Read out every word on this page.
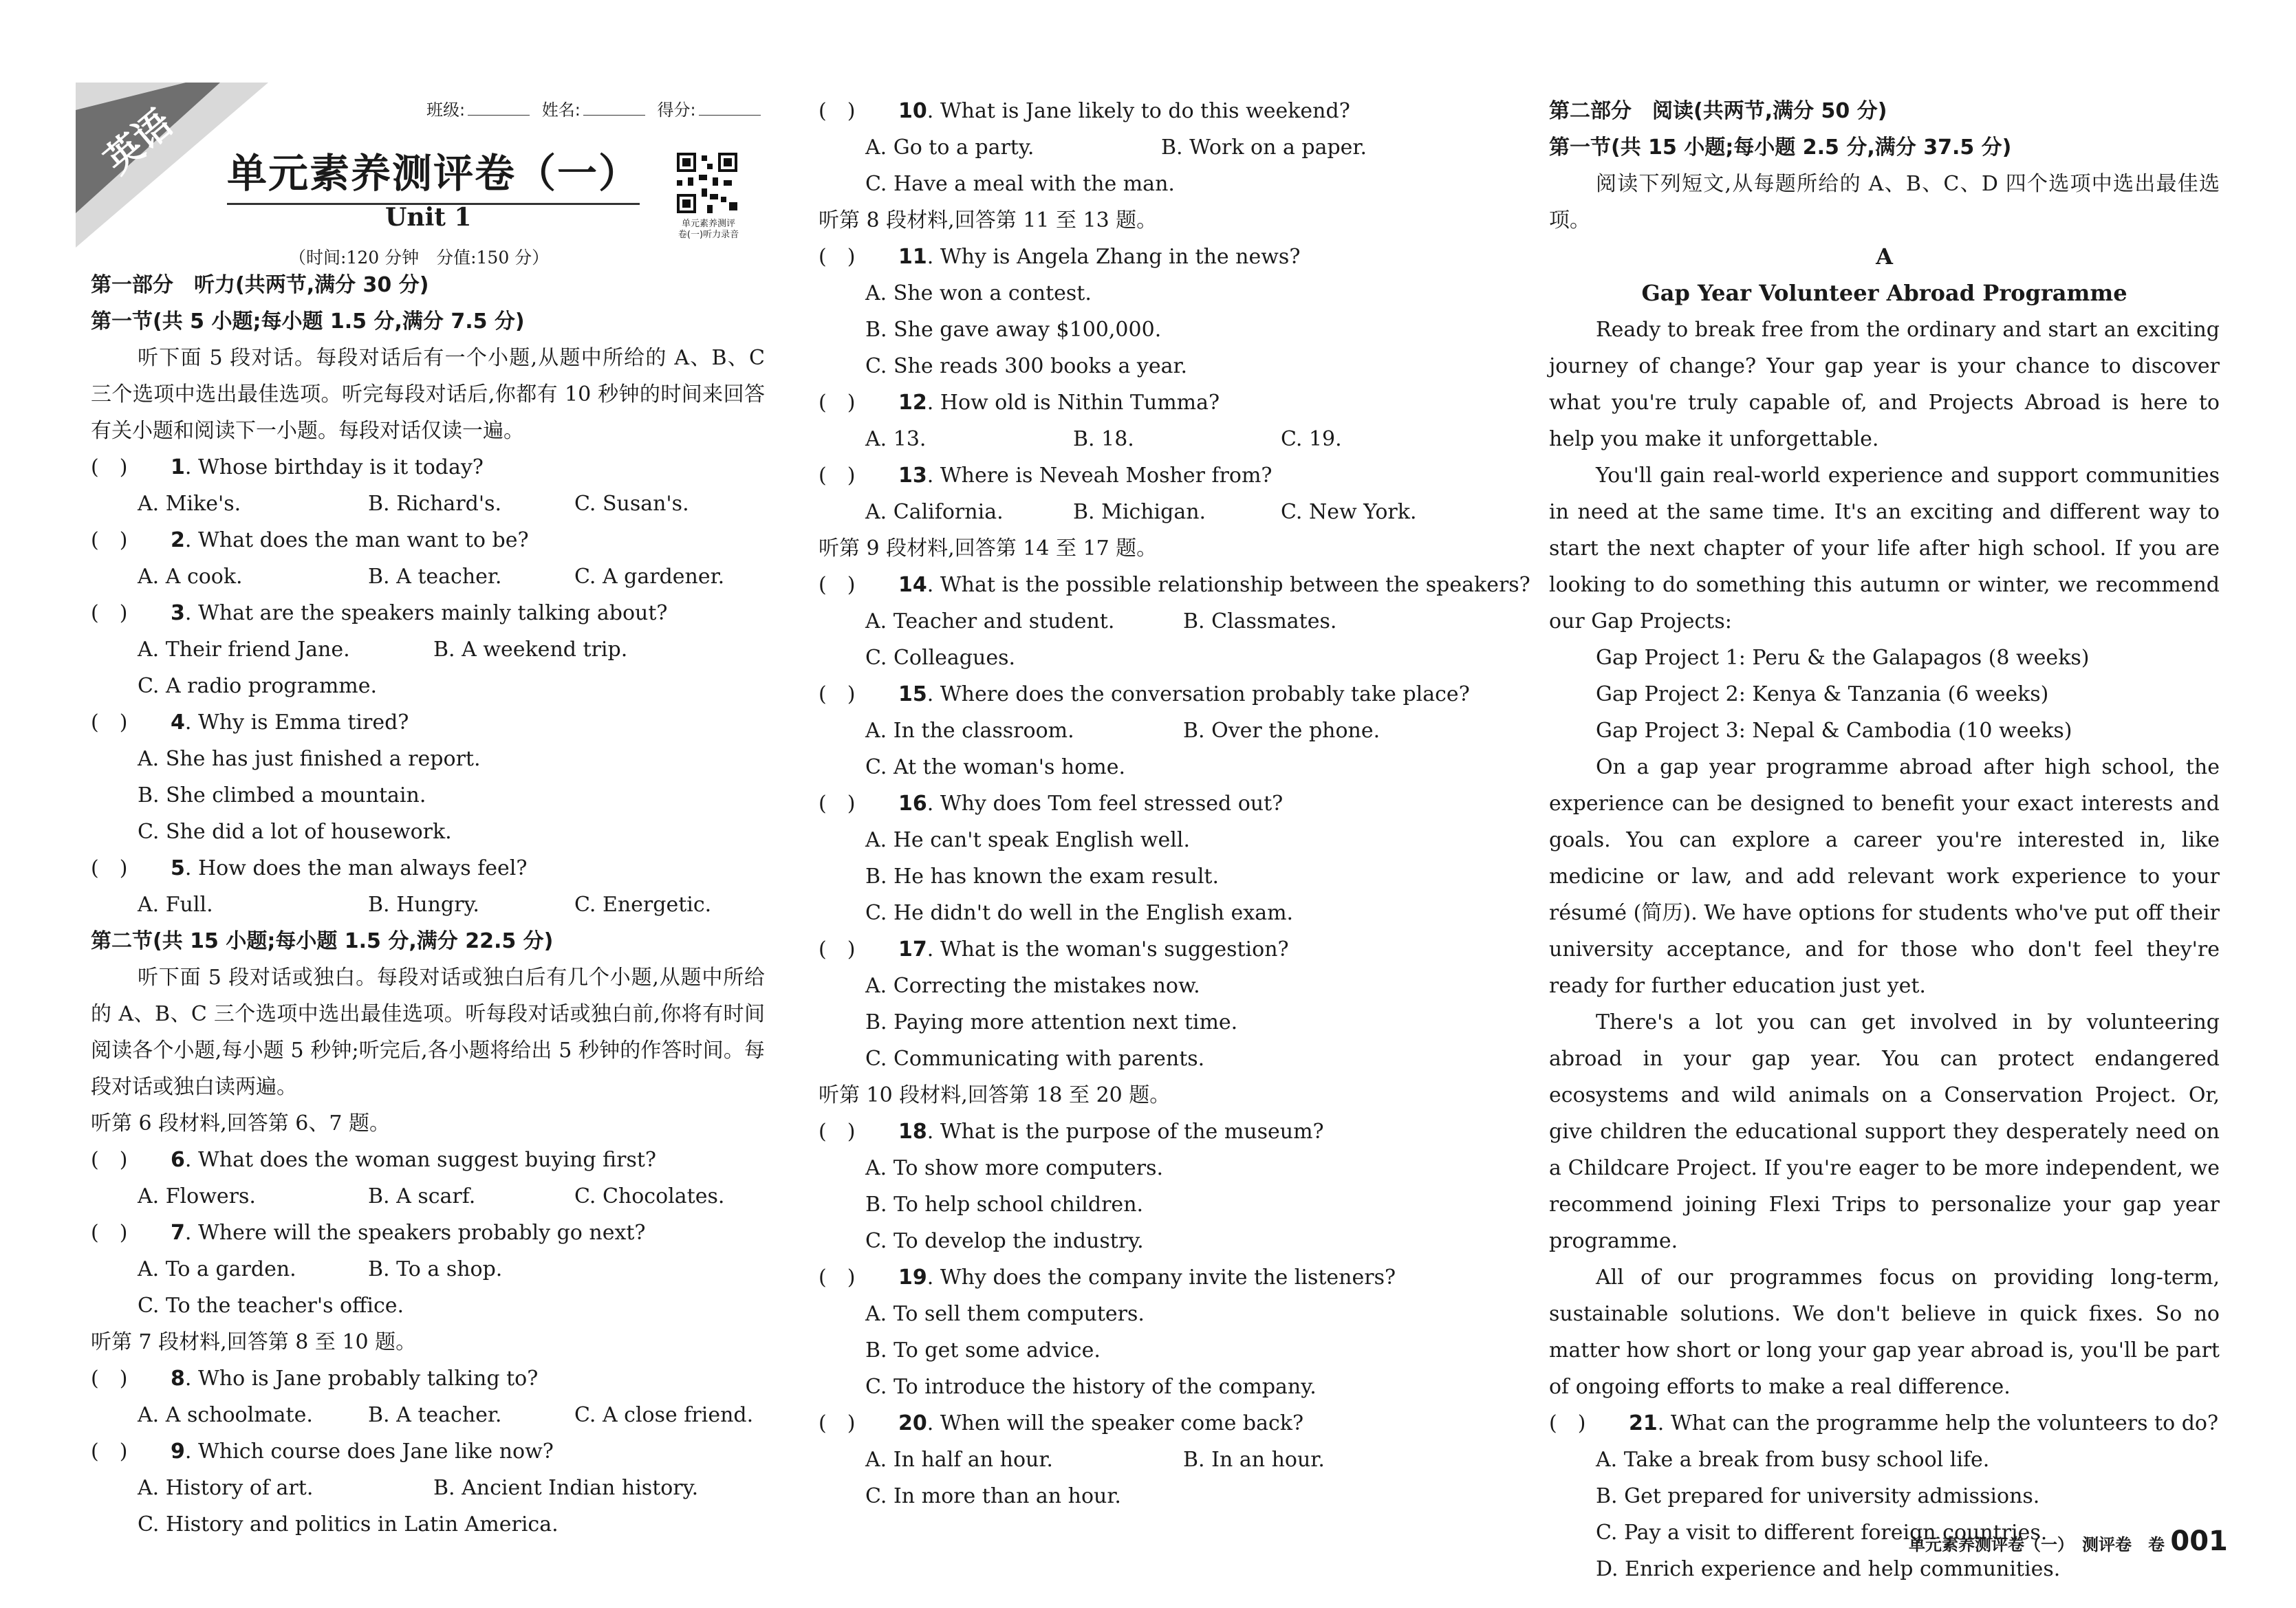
英语	班级:	姓名:	得分:
单元素养测评卷（一）
Unit 1
（时间:120 分钟　分值:150 分）
单元素养测评
卷(一)听力录音
第一部分　听力(共两节,满分 30 分)
第一节(共 5 小题;每小题 1.5 分,满分 7.5 分)
听下面 5 段对话。每段对话后有一个小题,从题中所给的 A、B、C 三个选项中选出最佳选项。听完每段对话后,你都有 10 秒钟的时间来回答有关小题和阅读下一小题。每段对话仅读一遍。
(　)	1 . Whose birthday is it today?
A. Mike's.	B. Richard's.	C. Susan's.
(　)	2 . What does the man want to be?
A. A cook.	B. A teacher.	C. A gardener.
(　)	3 . What are the speakers mainly talking about?
A. Their friend Jane.	B. A weekend trip.
C. A radio programme.
(　)	4 . Why is Emma tired?
A. She has just finished a report.
B. She climbed a mountain.
C. She did a lot of housework.
(　)	5 . How does the man always feel?
A. Full.	B. Hungry.	C. Energetic.
第二节(共 15 小题;每小题 1.5 分,满分 22.5 分)
听下面 5 段对话或独白。每段对话或独白后有几个小题,从题中所给的 A、B、C 三个选项中选出最佳选项。听每段对话或独白前,你将有时间阅读各个小题,每小题 5 秒钟;听完后,各小题将给出 5 秒钟的作答时间。每段对话或独白读两遍。
听第 6 段材料,回答第 6、7 题。
(　)	6 . What does the woman suggest buying first?
A. Flowers.	B. A scarf.	C. Chocolates.
(　)	7 . Where will the speakers probably go next?
A. To a garden.	B. To a shop.
C. To the teacher's office.
听第 7 段材料,回答第 8 至 10 题。
(　)	8 . Who is Jane probably talking to?
A. A schoolmate.	B. A teacher.	C. A close friend.
(　)	9 . Which course does Jane like now?
A. History of art.	B. Ancient Indian history.
C. History and politics in Latin America.
(　)	10 . What is Jane likely to do this weekend?
A. Go to a party.	B. Work on a paper.
C. Have a meal with the man.
听第 8 段材料,回答第 11 至 13 题。
(　)	11 . Why is Angela Zhang in the news?
A. She won a contest.
B. She gave away $100,000.
C. She reads 300 books a year.
(　)	12 . How old is Nithin Tumma?
A. 13.	B. 18.	C. 19.
(　)	13 . Where is Neveah Mosher from?
A. California.	B. Michigan.	C. New York.
听第 9 段材料,回答第 14 至 17 题。
(　)	14 . What is the possible relationship between the speakers?
A. Teacher and student.	B. Classmates.
C. Colleagues.
(　)	15 . Where does the conversation probably take place?
A. In the classroom.	B. Over the phone.
C. At the woman's home.
(　)	16 . Why does Tom feel stressed out?
A. He can't speak English well.
B. He has known the exam result.
C. He didn't do well in the English exam.
(　)	17 . What is the woman's suggestion?
A. Correcting the mistakes now.
B. Paying more attention next time.
C. Communicating with parents.
听第 10 段材料,回答第 18 至 20 题。
(　)	18 . What is the purpose of the museum?
A. To show more computers.
B. To help school children.
C. To develop the industry.
(　)	19 . Why does the company invite the listeners?
A. To sell them computers.
B. To get some advice.
C. To introduce the history of the company.
(　)	20 . When will the speaker come back?
A. In half an hour.	B. In an hour.
C. In more than an hour.
第二部分　阅读(共两节,满分 50 分)
第一节(共 15 小题;每小题 2.5 分,满分 37.5 分)
阅读下列短文,从每题所给的 A、B、C、D 四个选项中选出最佳选项。
A
Gap Year Volunteer Abroad Programme
Ready to break free from the ordinary and start an exciting journey of change? Your gap year is your chance to discover what you're truly capable of, and Projects Abroad is here to help you make it unforgettable.
You'll gain real-world experience and support communities in need at the same time. It's an exciting and different way to start the next chapter of your life after high school. If you are looking to do something this autumn or winter, we recommend our Gap Projects:
Gap Project 1: Peru & the Galapagos (8 weeks)
Gap Project 2: Kenya & Tanzania (6 weeks)
Gap Project 3: Nepal & Cambodia (10 weeks)
On a gap year programme abroad after high school, the experience can be designed to benefit your exact interests and goals. You can explore a career you're interested in, like medicine or law, and add relevant work experience to your résumé (简历). We have options for students who've put off their university acceptance, and for those who don't feel they're ready for further education just yet.
There's a lot you can get involved in by volunteering abroad in your gap year. You can protect endangered ecosystems and wild animals on a Conservation Project. Or, give children the educational support they desperately need on a Childcare Project. If you're eager to be more independent, we recommend joining Flexi Trips to personalize your gap year programme.
All of our programmes focus on providing long-term, sustainable solutions. We don't believe in quick fixes. So no matter how short or long your gap year abroad is, you'll be part of ongoing efforts to make a real difference.
(　)	21 . What can the programme help the volunteers to do?
A. Take a break from busy school life.
B. Get prepared for university admissions.
C. Pay a visit to different foreign countries.
D. Enrich experience and help communities.
单元素养测评卷（一）　测评卷　卷 001
